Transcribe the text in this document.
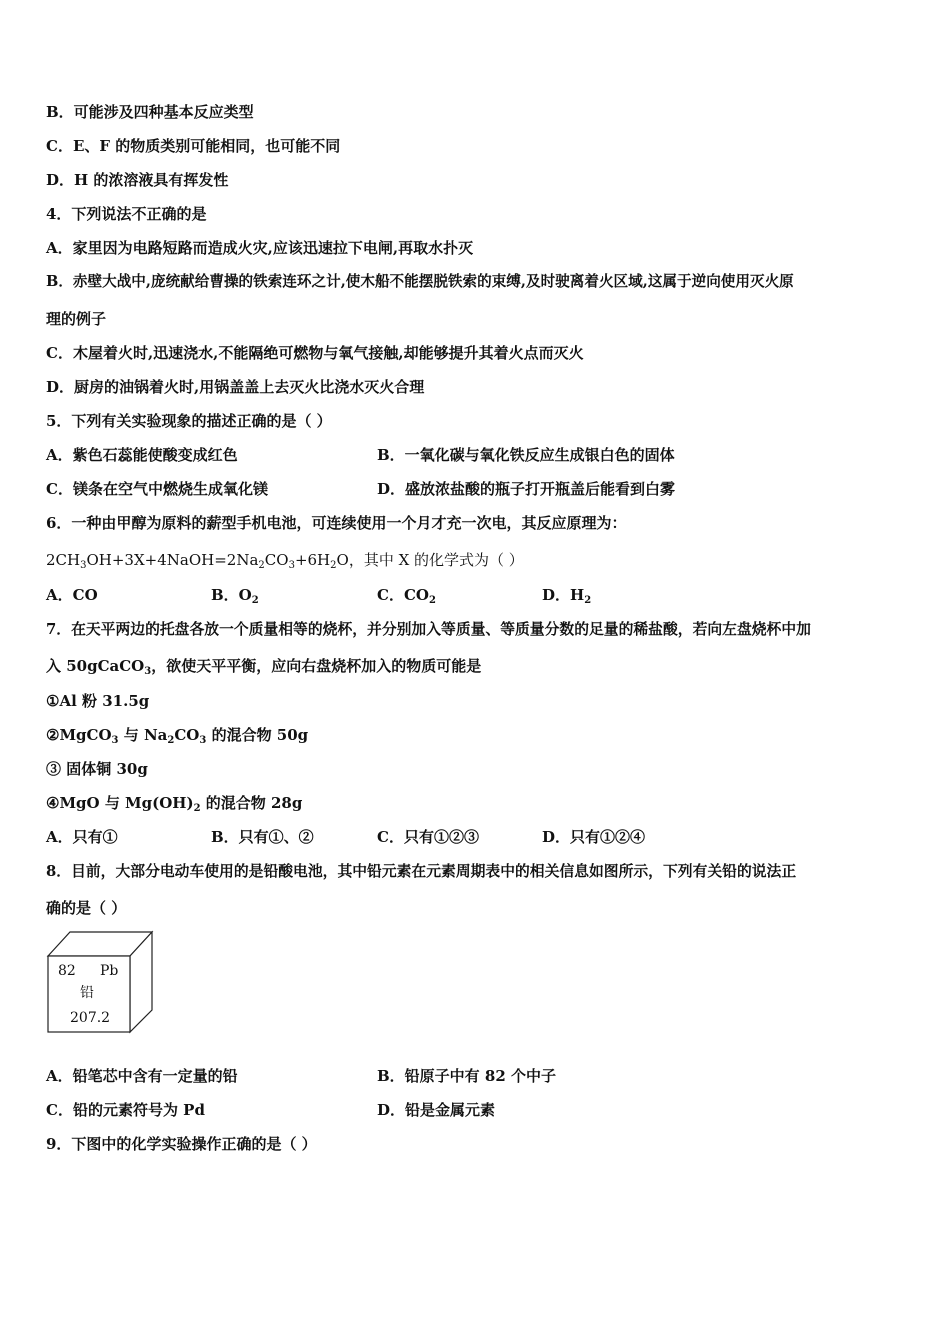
B．可能涉及四种基本反应类型
C．E、F 的物质类别可能相同，也可能不同
D．H 的浓溶液具有挥发性
4．下列说法不正确的是
A．家里因为电路短路而造成火灾,应该迅速拉下电闸,再取水扑灭
B．赤壁大战中,庞统献给曹操的铁索连环之计,使木船不能摆脱铁索的束缚,及时驶离着火区域,这属于逆向使用灭火原
理的例子
C．木屋着火时,迅速浇水,不能隔绝可燃物与氧气接触,却能够提升其着火点而灭火
D．厨房的油锅着火时,用锅盖盖上去灭火比浇水灭火合理
5．下列有关实验现象的描述正确的是（ ）
A．紫色石蕊能使酸变成红色	B．一氧化碳与氧化铁反应生成银白色的固体
C．镁条在空气中燃烧生成氧化镁	D．盛放浓盐酸的瓶子打开瓶盖后能看到白雾
6．一种由甲醇为原料的薪型手机电池，可连续使用一个月才充一次电，其反应原理为：
$2CH_3OH+3X+4NaOH=2Na_2CO_3+6H_2O$，其中 X 的化学式为（ ）
A．CO	B．$O_2$	C．$CO_2$	D．$H_2$
7．在天平两边的托盘各放一个质量相等的烧杯，并分别加入等质量、等质量分数的足量的稀盐酸，若向左盘烧杯中加
入 50gCaCO$_3$，欲使天平平衡，应向右盘烧杯加入的物质可能是
①Al 粉 31.5g
②MgCO$_3$ 与 $Na_2CO_3$ 的混合物 50g
③ 固体铜 30g
④MgO 与 $Mg(OH)_2$ 的混合物 28g
A．只有①	B．只有①、②	C．只有①②③	D．只有①②④
8．目前，大部分电动车使用的是铅酸电池，其中铅元素在元素周期表中的相关信息如图所示，下列有关铅的说法正
确的是（ ）
82 Pb
铅
207.2
A．铅笔芯中含有一定量的铅	B．铅原子中有 82 个中子
C．铅的元素符号为 Pd	D．铅是金属元素
9．下图中的化学实验操作正确的是（ ）
